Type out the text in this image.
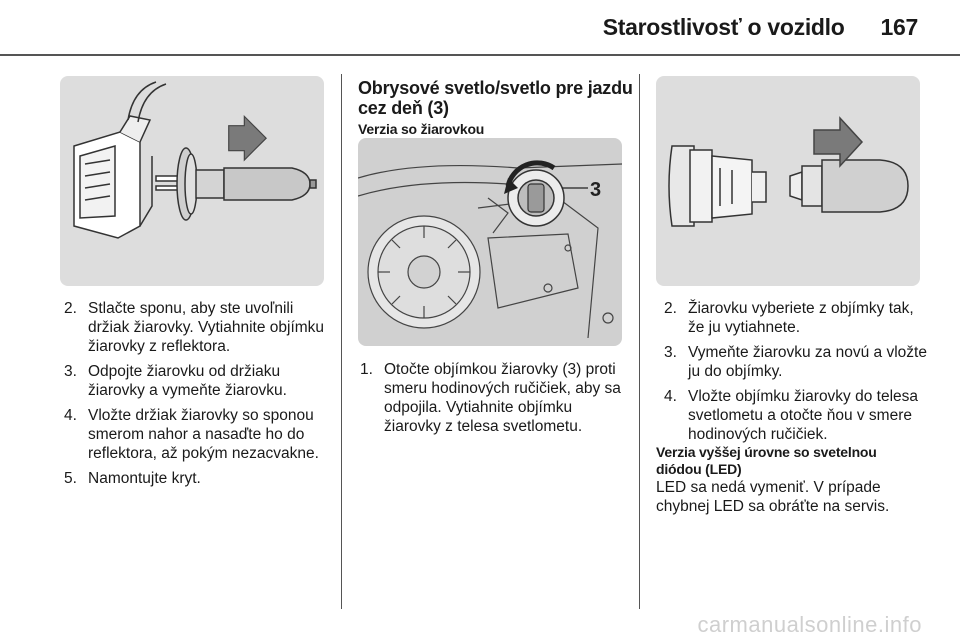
Starostlivosť o vozidlo 167
2. Stlačte sponu, aby ste uvoľnili držiak žiarovky. Vytiahnite objímku žiarovky z reflektora.
3. Odpojte žiarovku od držiaku žiarovky a vymeňte žiarovku.
4. Vložte držiak žiarovky so sponou smerom nahor a nasaďte ho do reflektora, až pokým nezacvakne.
5. Namontujte kryt.
Obrysové svetlo/svetlo pre jazdu cez deň (3)
Verzia so žiarovkou
3
1. Otočte objímkou žiarovky (3) proti smeru hodinových ručičiek, aby sa odpojila. Vytiahnite objímku žiarovky z telesa svetlometu.
2. Žiarovku vyberiete z objímky tak, že ju vytiahnete.
3. Vymeňte žiarovku za novú a vložte ju do objímky.
4. Vložte objímku žiarovky do telesa svetlometu a otočte ňou v smere hodinových ručičiek.
Verzia vyššej úrovne so svetelnou diódou (LED)
LED sa nedá vymeniť. V prípade chybnej LED sa obráťte na servis.
carmanualsonline.info
